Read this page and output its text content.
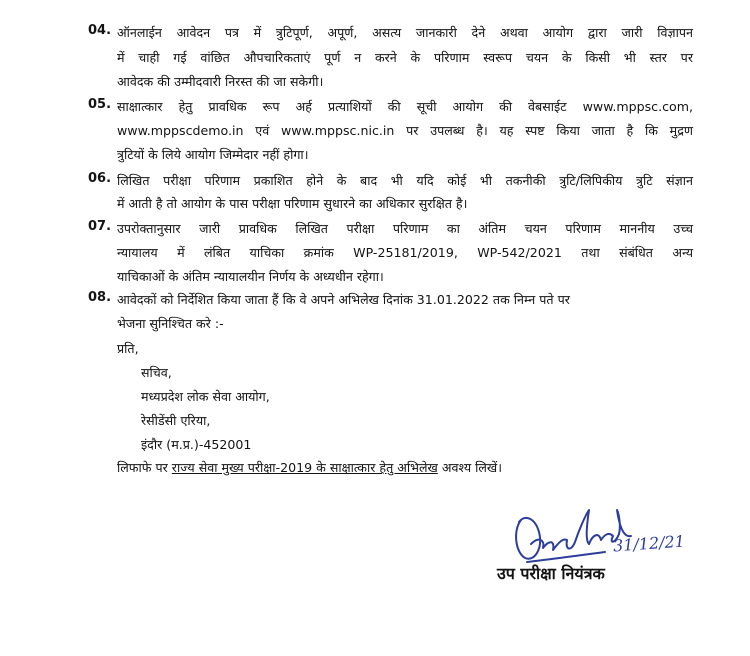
04. ऑनलाईन आवेदन पत्र में त्रुटिपूर्ण, अपूर्ण, असत्य जानकारी देने अथवा आयोग द्वारा जारी विज्ञापन
में चाही गई वांछित औपचारिकताएं पूर्ण न करने के परिणाम स्वरूप चयन के किसी भी स्तर पर
आवेदक की उम्मीदवारी निरस्त की जा सकेगी।
05. साक्षात्कार हेतु प्रावधिक रूप अर्ह प्रत्याशियों की सूची आयोग की वेबसाईट www.mppsc.com,
www.mppscdemo.in एवं www.mppsc.nic.in पर उपलब्ध है। यह स्पष्ट किया जाता है कि मुद्रण
त्रुटियों के लिये आयोग जिम्मेदार नहीं होगा।
06. लिखित परीक्षा परिणाम प्रकाशित होने के बाद भी यदि कोई भी तकनीकी त्रुटि/लिपिकीय त्रुटि संज्ञान
में आती है तो आयोग के पास परीक्षा परिणाम सुधारने का अधिकार सुरक्षित है।
07. उपरोक्तानुसार जारी प्रावधिक लिखित परीक्षा परिणाम का अंतिम चयन परिणाम माननीय उच्च
न्यायालय में लंबित याचिका क्रमांक WP-25181/2019, WP-542/2021 तथा संबंधित अन्य
याचिकाओं के अंतिम न्यायालयीन निर्णय के अध्यधीन रहेगा।
08. आवेदकों को निर्देशित किया जाता हैं कि वे अपने अभिलेख दिनांक 31.01.2022 तक निम्न पते पर
भेजना सुनिश्चित करे :-
प्रति,
सचिव,
मध्यप्रदेश लोक सेवा आयोग,
रेसीडेंसी एरिया,
इंदौर (म.प्र.)-452001
लिफाफे पर राज्य सेवा मुख्य परीक्षा-2019 के साक्षात्कार हेतु अभिलेख अवश्य लिखें।
31/12/21
उप परीक्षा नियंत्रक
